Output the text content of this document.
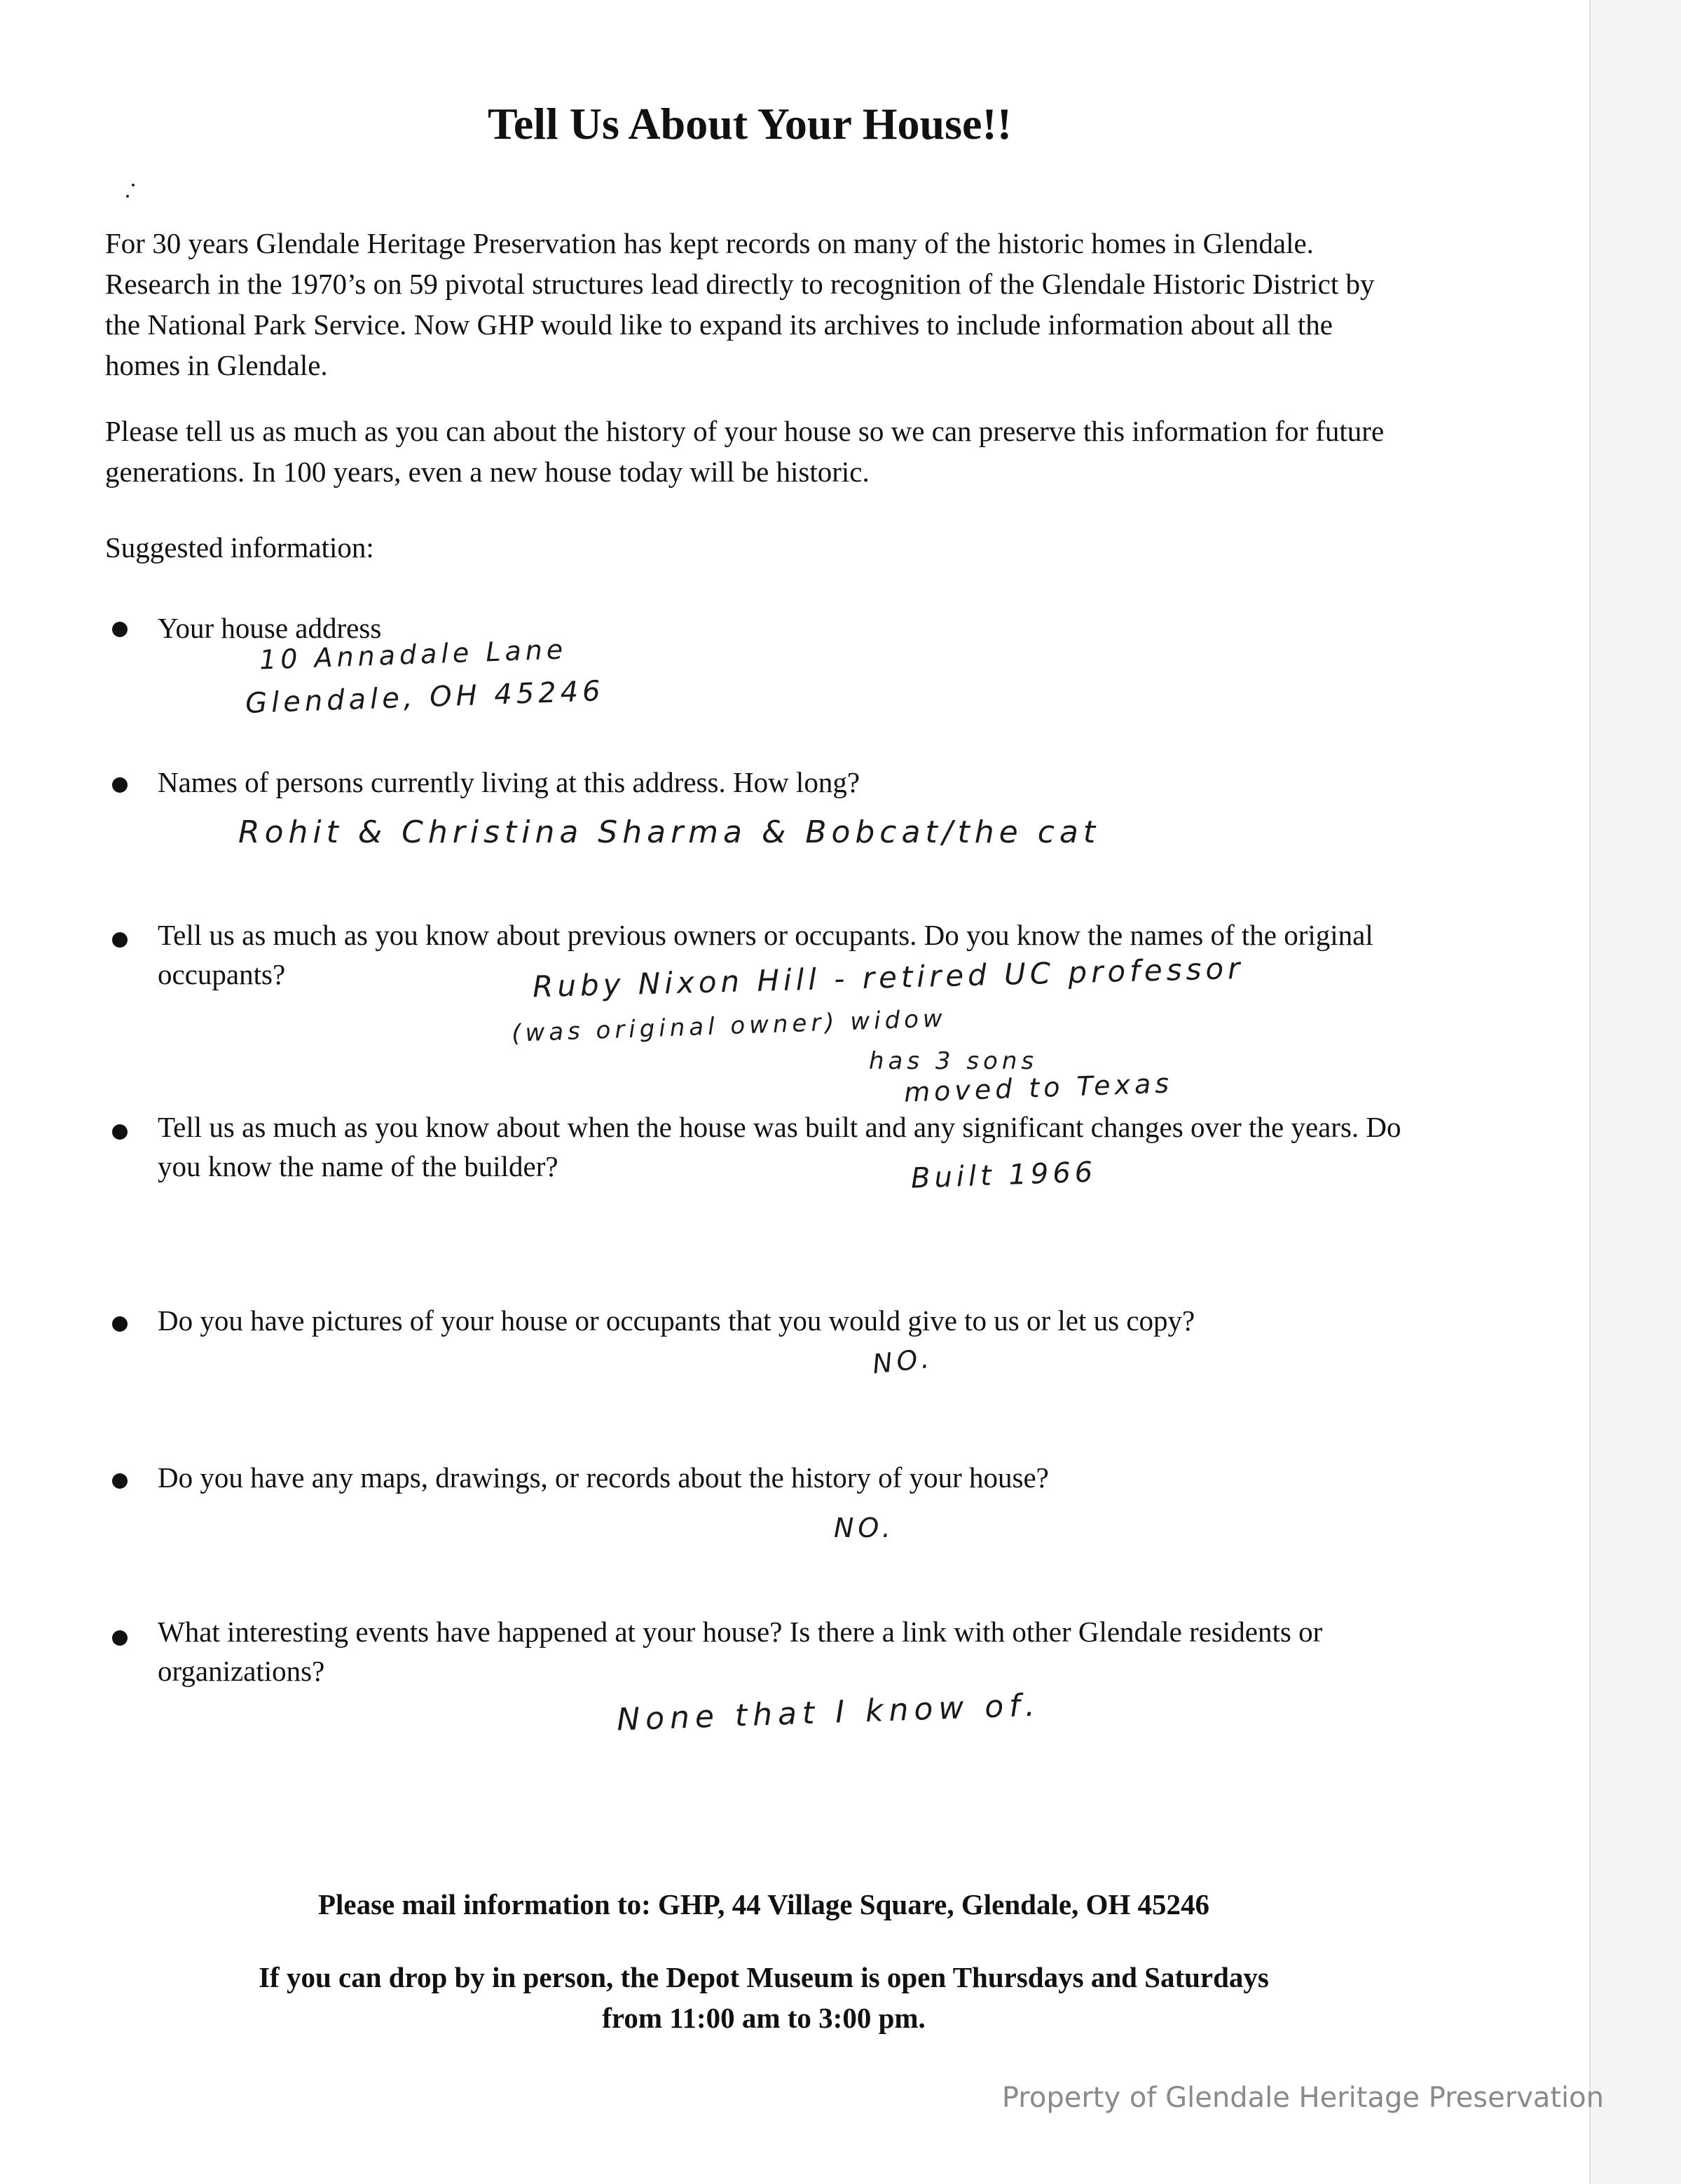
Tell Us About Your House!!
For 30 years Glendale Heritage Preservation has kept records on many of the historic homes in Glendale. Research in the 1970’s on 59 pivotal structures lead directly to recognition of the Glendale Historic District by the National Park Service. Now GHP would like to expand its archives to include information about all the homes in Glendale.
Please tell us as much as you can about the history of your house so we can preserve this information for future generations. In 100 years, even a new house today will be historic.
Suggested information:
Your house address
10 Annadale Lane
Glendale, OH 45246
Names of persons currently living at this address. How long?
Rohit & Christina Sharma & Bobcat/the cat
Tell us as much as you know about previous owners or occupants. Do you know the names of the original occupants?	Ruby Nixon Hill - retired UC professor
(was original owner) widow
has 3 sons
moved to Texas
Tell us as much as you know about when the house was built and any significant changes over the years. Do you know the name of the builder?	Built 1966
Do you have pictures of your house or occupants that you would give to us or let us copy?
NO.
Do you have any maps, drawings, or records about the history of your house?
NO.
What interesting events have happened at your house? Is there a link with other Glendale residents or organizations?
None that I know of.
Please mail information to: GHP, 44 Village Square, Glendale, OH 45246
If you can drop by in person, the Depot Museum is open Thursdays and Saturdays from 11:00 am to 3:00 pm.
Property of Glendale Heritage Preservation
